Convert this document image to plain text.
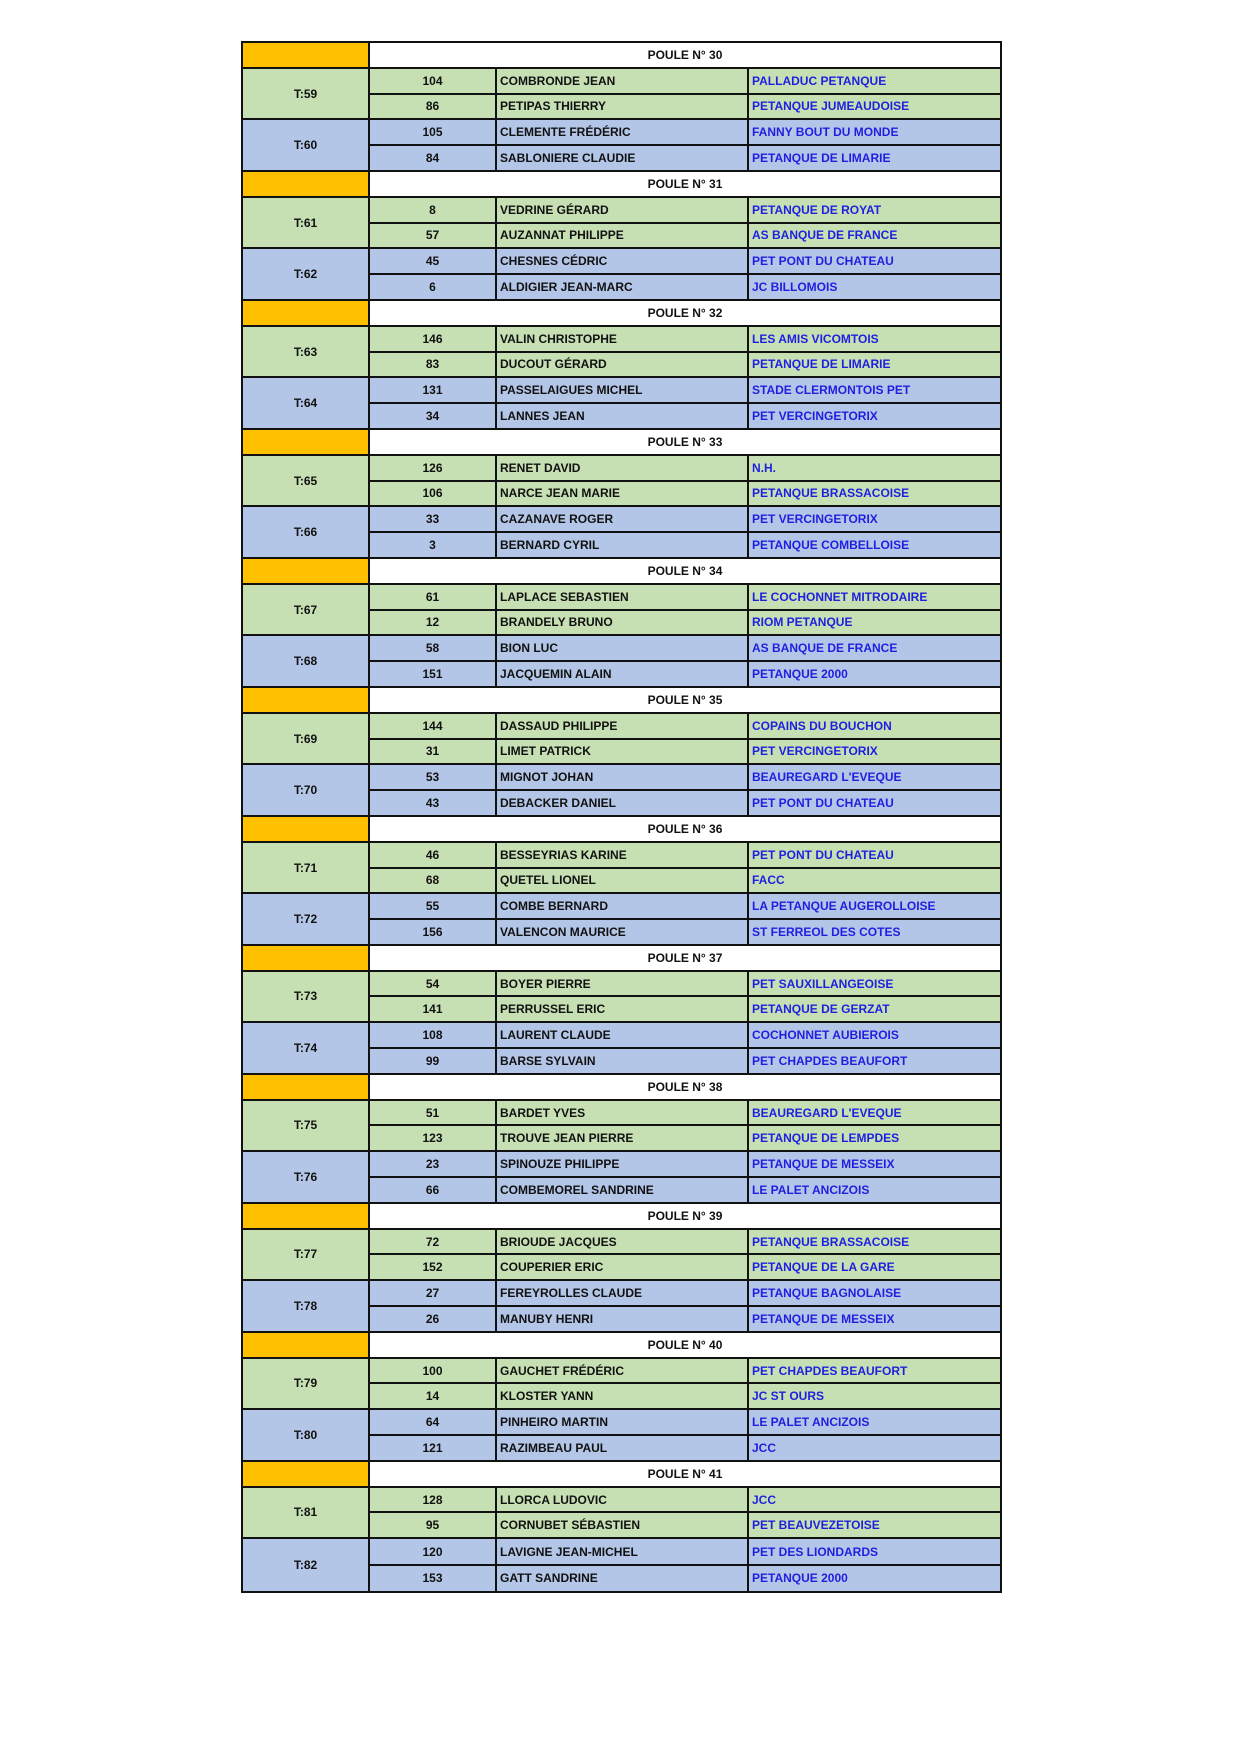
POULE N° 30
T:59
104	COMBRONDE JEAN	PALLADUC PETANQUE
86	PETIPAS THIERRY	PETANQUE JUMEAUDOISE
T:60
105	CLEMENTE FRÉDÉRIC	FANNY BOUT DU MONDE
84	SABLONIERE CLAUDIE	PETANQUE DE LIMARIE
POULE N° 31
T:61
8	VEDRINE GÉRARD	PETANQUE DE ROYAT
57	AUZANNAT PHILIPPE	AS BANQUE DE FRANCE
T:62
45	CHESNES CÉDRIC	PET PONT DU CHATEAU
6	ALDIGIER JEAN-MARC	JC BILLOMOIS
POULE N° 32
T:63
146	VALIN CHRISTOPHE	LES AMIS VICOMTOIS
83	DUCOUT GÉRARD	PETANQUE DE LIMARIE
T:64
131	PASSELAIGUES MICHEL	STADE CLERMONTOIS PET
34	LANNES JEAN	PET VERCINGETORIX
POULE N° 33
T:65
126	RENET DAVID	N.H.
106	NARCE JEAN MARIE	PETANQUE BRASSACOISE
T:66
33	CAZANAVE ROGER	PET VERCINGETORIX
3	BERNARD CYRIL	PETANQUE COMBELLOISE
POULE N° 34
T:67
61	LAPLACE SEBASTIEN	LE COCHONNET MITRODAIRE
12	BRANDELY BRUNO	RIOM PETANQUE
T:68
58	BION LUC	AS BANQUE DE FRANCE
151	JACQUEMIN ALAIN	PETANQUE 2000
POULE N° 35
T:69
144	DASSAUD PHILIPPE	COPAINS DU BOUCHON
31	LIMET PATRICK	PET VERCINGETORIX
T:70
53	MIGNOT JOHAN	BEAUREGARD L'EVEQUE
43	DEBACKER DANIEL	PET PONT DU CHATEAU
POULE N° 36
T:71
46	BESSEYRIAS KARINE	PET PONT DU CHATEAU
68	QUETEL LIONEL	FACC
T:72
55	COMBE BERNARD	LA PETANQUE AUGEROLLOISE
156	VALENCON MAURICE	ST FERREOL DES COTES
POULE N° 37
T:73
54	BOYER PIERRE	PET SAUXILLANGEOISE
141	PERRUSSEL ERIC	PETANQUE DE GERZAT
T:74
108	LAURENT CLAUDE	COCHONNET AUBIEROIS
99	BARSE SYLVAIN	PET CHAPDES BEAUFORT
POULE N° 38
T:75
51	BARDET YVES	BEAUREGARD L'EVEQUE
123	TROUVE JEAN PIERRE	PETANQUE DE LEMPDES
T:76
23	SPINOUZE PHILIPPE	PETANQUE DE MESSEIX
66	COMBEMOREL SANDRINE	LE PALET ANCIZOIS
POULE N° 39
T:77
72	BRIOUDE JACQUES	PETANQUE BRASSACOISE
152	COUPERIER ERIC	PETANQUE DE LA GARE
T:78
27	FEREYROLLES CLAUDE	PETANQUE BAGNOLAISE
26	MANUBY HENRI	PETANQUE DE MESSEIX
POULE N° 40
T:79
100	GAUCHET FRÉDÉRIC	PET CHAPDES BEAUFORT
14	KLOSTER YANN	JC ST OURS
T:80
64	PINHEIRO MARTIN	LE PALET ANCIZOIS
121	RAZIMBEAU PAUL	JCC
POULE N° 41
T:81
128	LLORCA LUDOVIC	JCC
95	CORNUBET SÉBASTIEN	PET BEAUVEZETOISE
T:82
120	LAVIGNE JEAN-MICHEL	PET DES LIONDARDS
153	GATT SANDRINE	PETANQUE 2000
